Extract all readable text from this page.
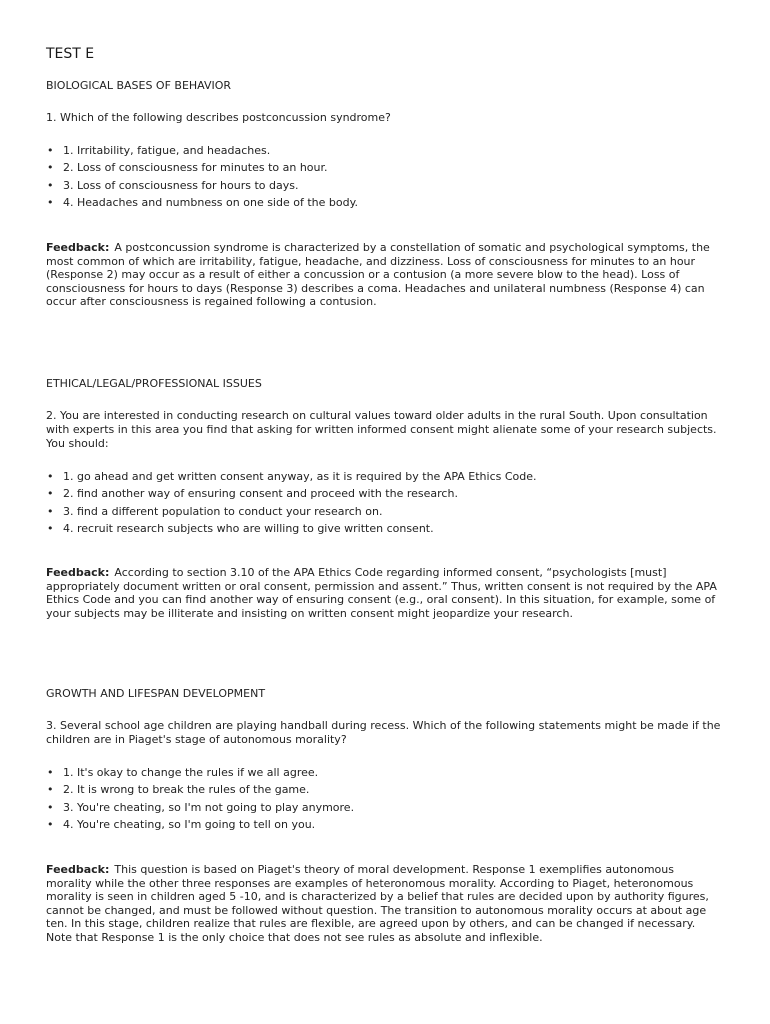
TEST E

BIOLOGICAL BASES OF BEHAVIOR

1. Which of the following describes postconcussion syndrome?

• 1. Irritability, fatigue, and headaches.
• 2. Loss of consciousness for minutes to an hour.
• 3. Loss of consciousness for hours to days.
• 4. Headaches and numbness on one side of the body.

Feedback: A postconcussion syndrome is characterized by a constellation of somatic and psychological symptoms, the most common of which are irritability, fatigue, headache, and dizziness. Loss of consciousness for minutes to an hour (Response 2) may occur as a result of either a concussion or a contusion (a more severe blow to the head). Loss of consciousness for hours to days (Response 3) describes a coma. Headaches and unilateral numbness (Response 4) can occur after consciousness is regained following a contusion.

ETHICAL/LEGAL/PROFESSIONAL ISSUES

2. You are interested in conducting research on cultural values toward older adults in the rural South. Upon consultation with experts in this area you find that asking for written informed consent might alienate some of your research subjects. You should:

• 1. go ahead and get written consent anyway, as it is required by the APA Ethics Code.
• 2. find another way of ensuring consent and proceed with the research.
• 3. find a different population to conduct your research on.
• 4. recruit research subjects who are willing to give written consent.

Feedback: According to section 3.10 of the APA Ethics Code regarding informed consent, “psychologists [must] appropriately document written or oral consent, permission and assent.” Thus, written consent is not required by the APA Ethics Code and you can find another way of ensuring consent (e.g., oral consent). In this situation, for example, some of your subjects may be illiterate and insisting on written consent might jeopardize your research.

GROWTH AND LIFESPAN DEVELOPMENT

3. Several school age children are playing handball during recess. Which of the following statements might be made if the children are in Piaget's stage of autonomous morality?

• 1. It's okay to change the rules if we all agree.
• 2. It is wrong to break the rules of the game.
• 3. You're cheating, so I'm not going to play anymore.
• 4. You're cheating, so I'm going to tell on you.

Feedback: This question is based on Piaget's theory of moral development. Response 1 exemplifies autonomous morality while the other three responses are examples of heteronomous morality. According to Piaget, heteronomous morality is seen in children aged 5 -10, and is characterized by a belief that rules are decided upon by authority figures, cannot be changed, and must be followed without question. The transition to autonomous morality occurs at about age ten. In this stage, children realize that rules are flexible, are agreed upon by others, and can be changed if necessary. Note that Response 1 is the only choice that does not see rules as absolute and inflexible.
